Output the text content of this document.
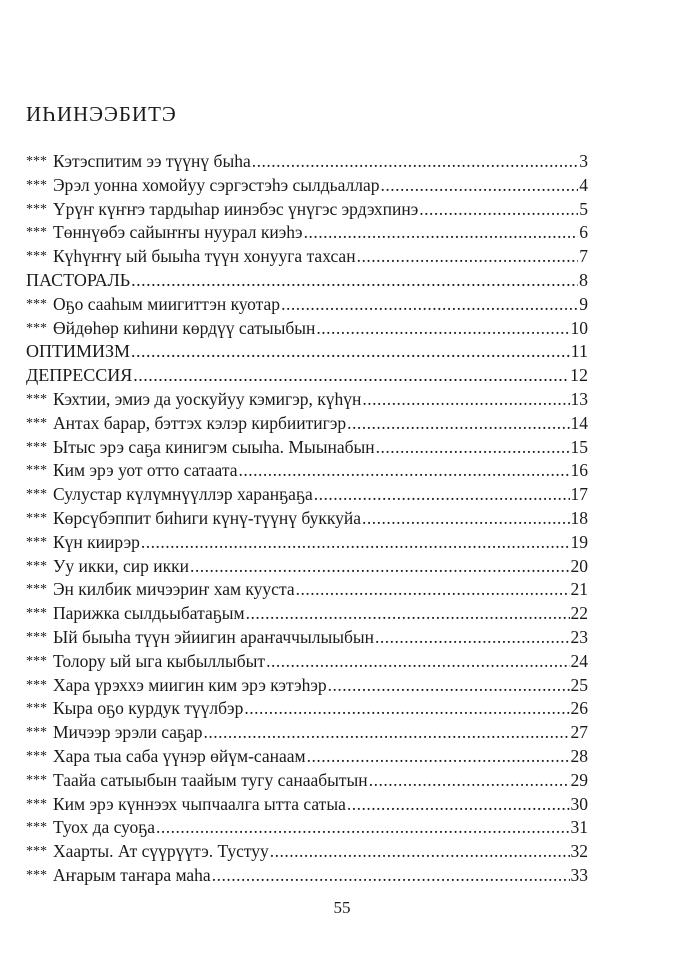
ИҺИНЭЭБИТЭ
*** Кэтэспитим ээ түүнү быһа .....	3
*** Эрэл уонна хомойуу сэргэстэһэ сылдьаллар .....	4
*** Үрүҥ күҥҥэ тардыһар иинэбэс үнүгэс эрдэхпинэ .....	5
*** Төннүөбэ сайыҥҥы нуурал киэһэ .....	6
*** Күһүҥҥү ый быыһа түүн хонууга тахсан .....	7
ПАСТОРАЛЬ .....	8
*** Оҕо сааһым миигиттэн куотар .....	9
*** Өйдөһөр киһини көрдүү сатыыбын .....	10
ОПТИМИЗМ .....	11
ДЕПРЕССИЯ .....	12
*** Кэхтии, эмиэ да уоскуйуу кэмигэр, күһүн .....	13
*** Антах барар, бэттэх кэлэр кирбиитигэр .....	14
*** Ытыс эрэ саҕа кинигэм сыыһа. Мыынабын .....	15
*** Ким эрэ уот отто сатаата .....	16
*** Сулустар күлүмнүүллэр харанҕаҕа .....	17
*** Көрсүбэппит биһиги күнү-түүнү буккуйа .....	18
*** Күн киирэр .....	19
*** Уу икки, сир икки .....	20
*** Эн килбик мичээриҥ хам кууста .....	21
*** Парижка сылдьыбатаҕым .....	22
*** Ый быыһа түүн эйиигин араҥаччылыыбын .....	23
*** Толору ый ыга кыбыллыбыт .....	24
*** Хара үрэххэ миигин ким эрэ кэтэһэр .....	25
*** Кыра оҕо курдук түүлбэр .....	26
*** Мичээр эрэли саҕар .....	27
*** Хара тыа саба үүнэр өйүм-санаам .....	28
*** Таайа сатыыбын таайым тугу санаабытын .....	29
*** Ким эрэ күннээх чыпчаалга ытта сатыа .....	30
*** Туох да суоҕа .....	31
*** Хаарты. Ат сүүрүүтэ. Тустуу .....	32
*** Аҥарым таҥара маһа .....	33
55
